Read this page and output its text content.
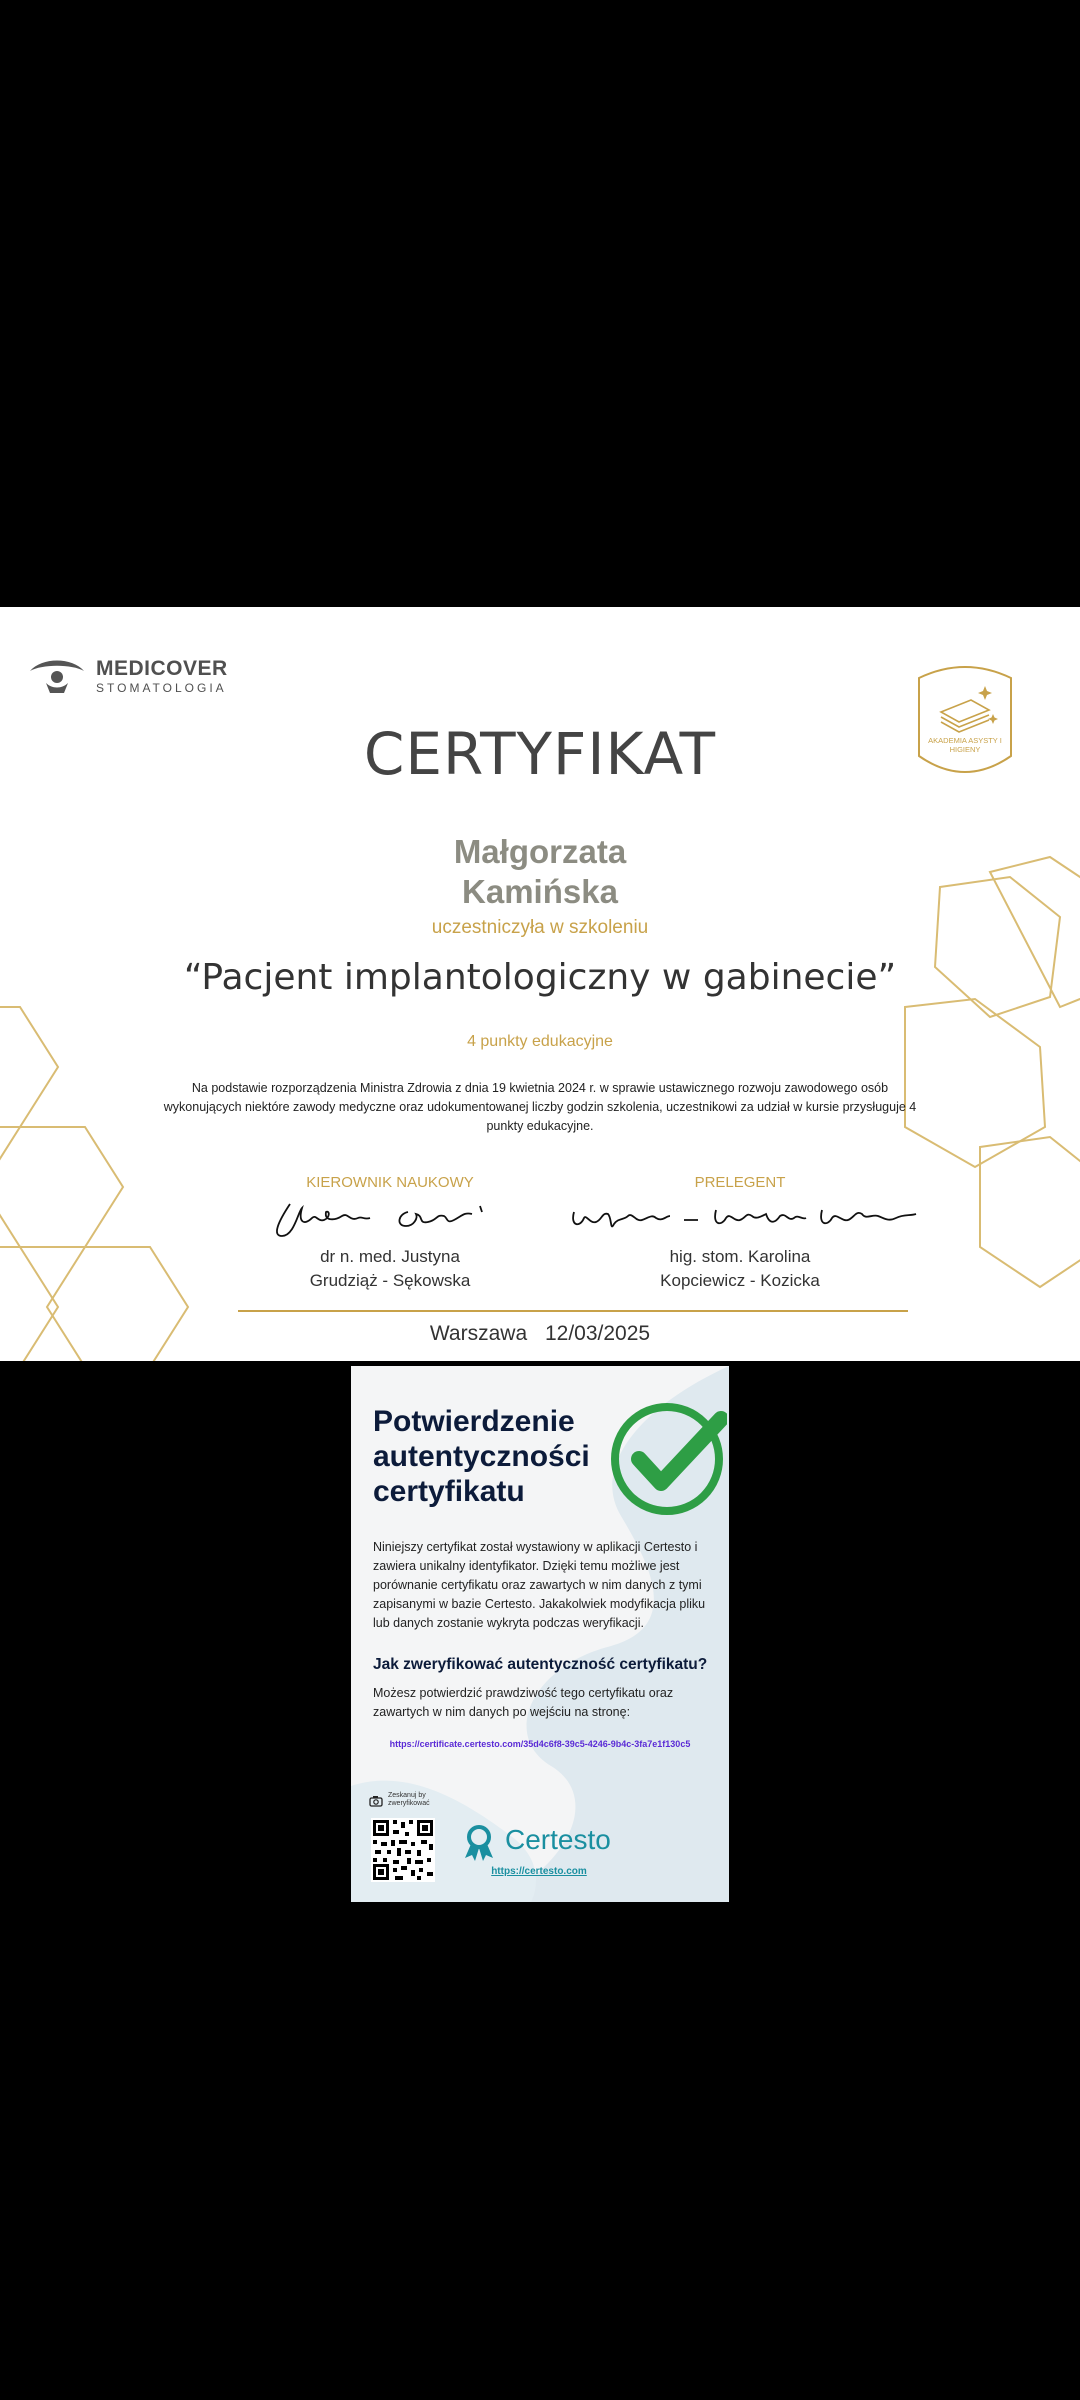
MEDICOVER
STOMATOLOGIA
AKADEMIA ASYSTY I HIGIENY
CERTYFIKAT
Małgorzata
Kamińska
uczestniczyła w szkoleniu
“Pacjent implantologiczny w gabinecie”
4 punkty edukacyjne
Na podstawie rozporządzenia Ministra Zdrowia z dnia 19 kwietnia 2024 r. w sprawie ustawicznego rozwoju zawodowego osób wykonujących niektóre zawody medyczne oraz udokumentowanej liczby godzin szkolenia, uczestnikowi za udział w kursie przysługuje 4 punkty edukacyjne.
KIEROWNIK NAUKOWY	PRELEGENT
dr n. med. Justyna
Grudziąż - Sękowska
hig. stom. Karolina
Kopciewicz - Kozicka
Warszawa 12/03/2025
Potwierdzenie
autentyczności
certyfikatu
Niniejszy certyfikat został wystawiony w aplikacji Certesto i zawiera unikalny identyfikator. Dzięki temu możliwe jest porównanie certyfikatu oraz zawartych w nim danych z tymi zapisanymi w bazie Certesto. Jakakolwiek modyfikacja pliku lub danych zostanie wykryta podczas weryfikacji.
Jak zweryfikować autentyczność certyfikatu?
Możesz potwierdzić prawdziwość tego certyfikatu oraz zawartych w nim danych po wejściu na stronę:
https://certificate.certesto.com/35d4c6f8-39c5-4246-9b4c-3fa7e1f130c5
Zeskanuj by
zweryfikować
Certesto
https://certesto.com
